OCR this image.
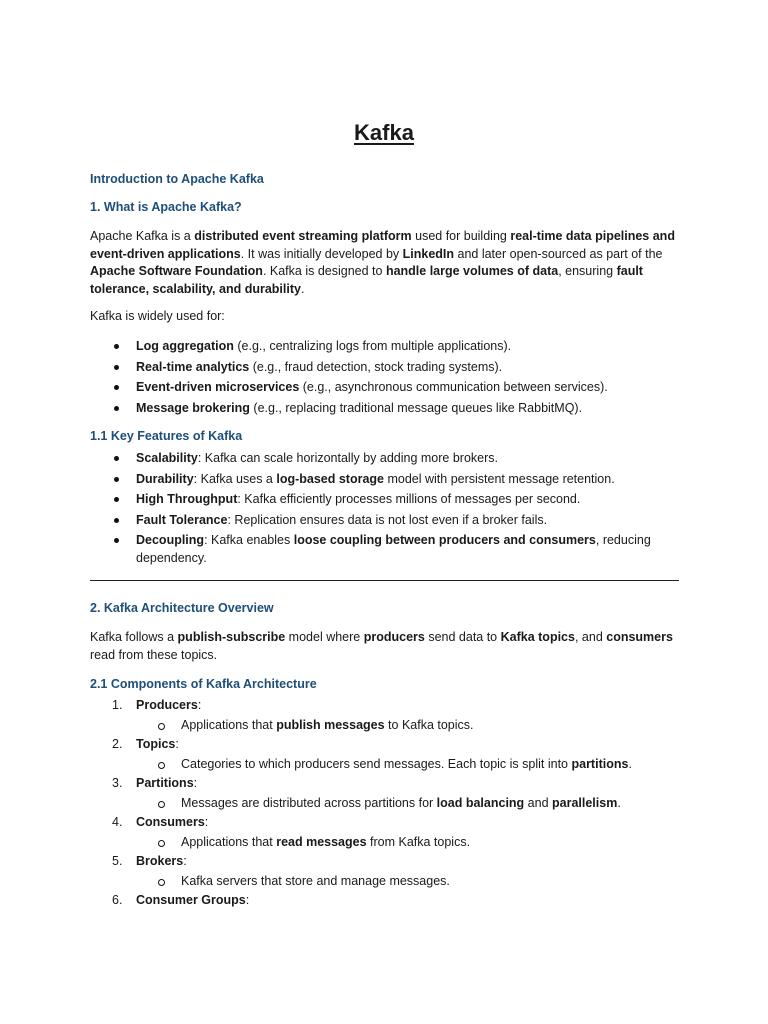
Kafka
Introduction to Apache Kafka
1. What is Apache Kafka?

Apache Kafka is a distributed event streaming platform used for building real-time data pipelines and event-driven applications. It was initially developed by LinkedIn and later open-sourced as part of the Apache Software Foundation. Kafka is designed to handle large volumes of data, ensuring fault tolerance, scalability, and durability.

Kafka is widely used for:

Log aggregation (e.g., centralizing logs from multiple applications).
Real-time analytics (e.g., fraud detection, stock trading systems).
Event-driven microservices (e.g., asynchronous communication between services).
Message brokering (e.g., replacing traditional message queues like RabbitMQ).
1.1 Key Features of Kafka
Scalability: Kafka can scale horizontally by adding more brokers.
Durability: Kafka uses a log-based storage model with persistent message retention.
High Throughput: Kafka efficiently processes millions of messages per second.
Fault Tolerance: Replication ensures data is not lost even if a broker fails.
Decoupling: Kafka enables loose coupling between producers and consumers, reducing dependency.
2. Kafka Architecture Overview

Kafka follows a publish-subscribe model where producers send data to Kafka topics, and consumers read from these topics.

2.1 Components of Kafka Architecture
1. Producers:
Applications that publish messages to Kafka topics.
2. Topics:
Categories to which producers send messages. Each topic is split into partitions.
3. Partitions:
Messages are distributed across partitions for load balancing and parallelism.
4. Consumers:
Applications that read messages from Kafka topics.
5. Brokers:
Kafka servers that store and manage messages.
6. Consumer Groups:
